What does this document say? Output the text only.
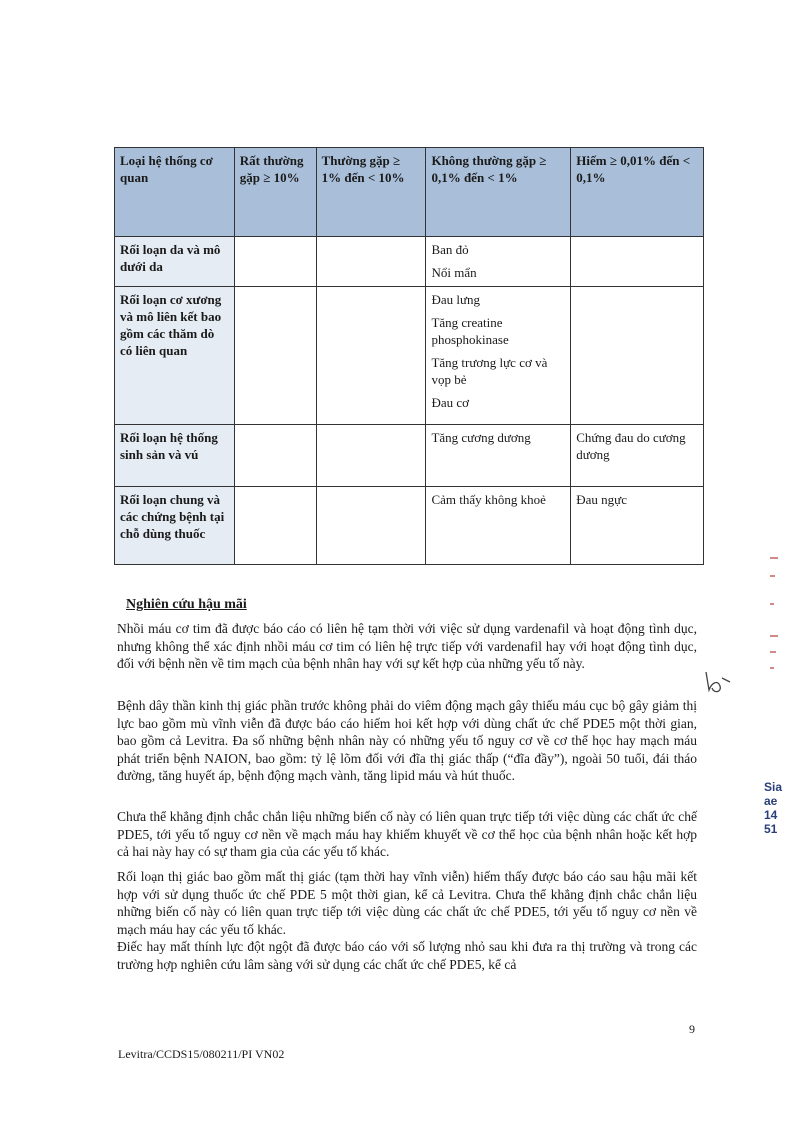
Loại hệ thống cơ quan	Rất thường gặp ≥ 10%	Thường gặp ≥ 1% đến < 10%	Không thường gặp ≥ 0,1% đến < 1%	Hiếm ≥ 0,01% đến < 0,1%
Rối loạn da và mô dưới da			Ban đỏ
Nổi mẩn	

Rối loạn cơ xương và mô liên kết bao gồm các thăm dò có liên quan			Đau lưng
Tăng creatine phosphokinase
Tăng trương lực cơ và vọp bẻ
Đau cơ	

Rối loạn hệ thống sinh sản và vú			Tăng cương dương	Chứng đau do cương dương
Rối loạn chung và các chứng bệnh tại chỗ dùng thuốc			Cảm thấy không khoẻ	Đau ngực
Nghiên cứu hậu mãi

Nhồi máu cơ tim đã được báo cáo có liên hệ tạm thời với việc sử dụng vardenafil và hoạt động tình dục, nhưng không thể xác định nhồi máu cơ tim có liên hệ trực tiếp với vardenafil hay với hoạt động tình dục, đối với bệnh nền về tim mạch của bệnh nhân hay với sự kết hợp của những yếu tố này.

Bệnh dây thần kinh thị giác phần trước không phải do viêm động mạch gây thiếu máu cục bộ gây giảm thị lực bao gồm mù vĩnh viễn đã được báo cáo hiếm hoi kết hợp với dùng chất ức chế PDE5 một thời gian, bao gồm cả Levitra. Đa số những bệnh nhân này có những yếu tố nguy cơ về cơ thể học hay mạch máu phát triển bệnh NAION, bao gồm: tỷ lệ lõm đối với đĩa thị giác thấp (“đĩa đầy”), ngoài 50 tuổi, đái tháo đường, tăng huyết áp, bệnh động mạch vành, tăng lipid máu và hút thuốc.

Chưa thể khẳng định chắc chắn liệu những biến cố này có liên quan trực tiếp tới việc dùng các chất ức chế PDE5, tới yếu tố nguy cơ nền về mạch máu hay khiếm khuyết về cơ thể học của bệnh nhân hoặc kết hợp cả hai này hay có sự tham gia của các yếu tố khác.

Rối loạn thị giác bao gồm mất thị giác (tạm thời hay vĩnh viễn) hiếm thấy được báo cáo sau hậu mãi kết hợp với sử dụng thuốc ức chế PDE 5 một thời gian, kể cả Levitra. Chưa thể khẳng định chắc chắn liệu những biến cố này có liên quan trực tiếp tới việc dùng các chất ức chế PDE5, tới yếu tố nguy cơ nền về mạch máu hay các yếu tố khác.

Điếc hay mất thính lực đột ngột đã được báo cáo với số lượng nhỏ sau khi đưa ra thị trường và trong các trường hợp nghiên cứu lâm sàng với sử dụng các chất ức chế PDE5, kể cả

Levitra/CCDS15/080211/PI VN02
9
Sia
ae
14
51
